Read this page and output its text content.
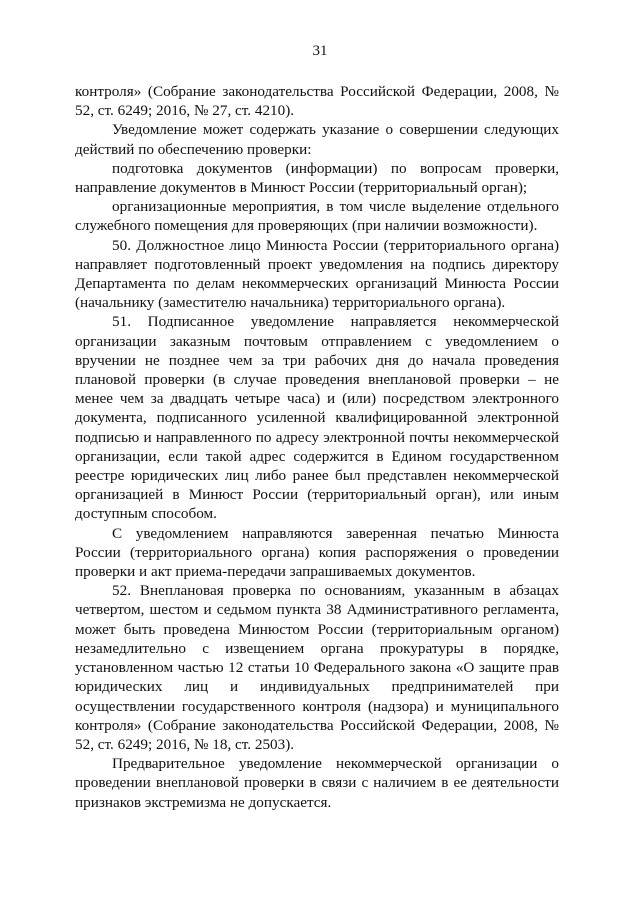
31

контроля» (Собрание законодательства Российской Федерации, 2008, № 52, ст. 6249; 2016, № 27, ст. 4210).

Уведомление может содержать указание о совершении следующих действий по обеспечению проверки:

подготовка документов (информации) по вопросам проверки, направление документов в Минюст России (территориальный орган);

организационные мероприятия, в том числе выделение отдельного служебного помещения для проверяющих (при наличии возможности).

50. Должностное лицо Минюста России (территориального органа) направляет подготовленный проект уведомления на подпись директору Департамента по делам некоммерческих организаций Минюста России (начальнику (заместителю начальника) территориального органа).

51. Подписанное уведомление направляется некоммерческой организации заказным почтовым отправлением с уведомлением о вручении не позднее чем за три рабочих дня до начала проведения плановой проверки (в случае проведения внеплановой проверки – не менее чем за двадцать четыре часа) и (или) посредством электронного документа, подписанного усиленной квалифицированной электронной подписью и направленного по адресу электронной почты некоммерческой организации, если такой адрес содержится в Едином государственном реестре юридических лиц либо ранее был представлен некоммерческой организацией в Минюст России (территориальный орган), или иным доступным способом.

С уведомлением направляются заверенная печатью Минюста России (территориального органа) копия распоряжения о проведении проверки и акт приема-передачи запрашиваемых документов.

52. Внеплановая проверка по основаниям, указанным в абзацах четвертом, шестом и седьмом пункта 38 Административного регламента, может быть проведена Минюстом России (территориальным органом) незамедлительно с извещением органа прокуратуры в порядке, установленном частью 12 статьи 10 Федерального закона «О защите прав юридических лиц и индивидуальных предпринимателей при осуществлении государственного контроля (надзора) и муниципального контроля» (Собрание законодательства Российской Федерации, 2008, № 52, ст. 6249; 2016, № 18, ст. 2503).

Предварительное уведомление некоммерческой организации о проведении внеплановой проверки в связи с наличием в ее деятельности признаков экстремизма не допускается.
